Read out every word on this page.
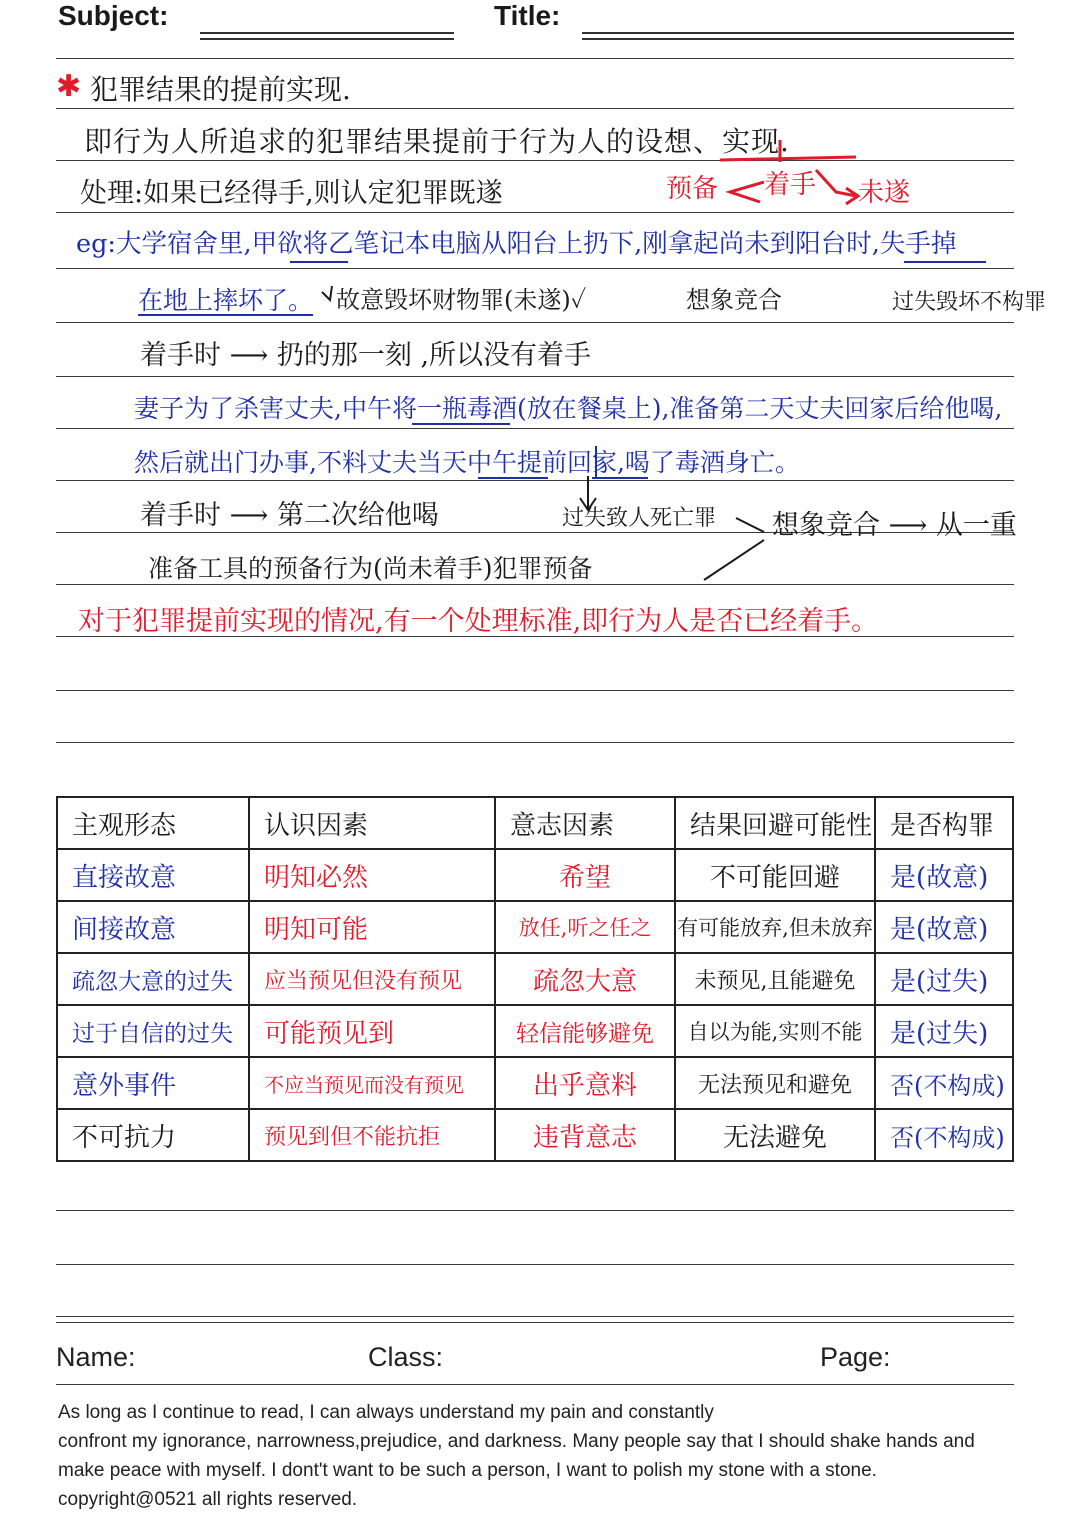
Subject:	Title:
✱ 犯罪结果的提前实现.
即行为人所追求的犯罪结果提前于行为人的设想、实现.
处理:如果已经得手,则认定犯罪既遂	预备 着手 未遂
eg:大学宿舍里,甲欲将乙笔记本电脑从阳台上扔下,刚拿起尚未到阳台时,失手掉
在地上摔坏了。 故意毁坏财物罪(未遂)✓	想象竞合	过失毁坏不构罪
着手时 ⟶ 扔的那一刻 ,所以没有着手
妻子为了杀害丈夫,中午将一瓶毒酒(放在餐桌上),准备第二天丈夫回家后给他喝,
然后就出门办事,不料丈夫当天中午提前回家,喝了毒酒身亡。
着手时 ⟶ 第二次给他喝	过失致人死亡罪 想象竞合 ⟶ 从一重
准备工具的预备行为(尚未着手)犯罪预备
对于犯罪提前实现的情况,有一个处理标准,即行为人是否已经着手。
主观形态	认识因素	意志因素	结果回避可能性	是否构罪
直接故意	明知必然	希望	不可能回避	是(故意)
间接故意	明知可能	放任,听之任之	有可能放弃,但未放弃	是(故意)
疏忽大意的过失	应当预见但没有预见	疏忽大意	未预见,且能避免	是(过失)
过于自信的过失	可能预见到	轻信能够避免	自以为能,实则不能	是(过失)
意外事件	不应当预见而没有预见	出乎意料	无法预见和避免	否(不构成)
不可抗力	预见到但不能抗拒	违背意志	无法避免	否(不构成)
Name:	Class:	Page:
As long as I continue to read, I can always understand my pain and constantly
confront my ignorance, narrowness,prejudice, and darkness. Many people say that I should shake hands and
make peace with myself. I dont't want to be such a person, I want to polish my stone with a stone.
copyright@0521 all rights reserved.
